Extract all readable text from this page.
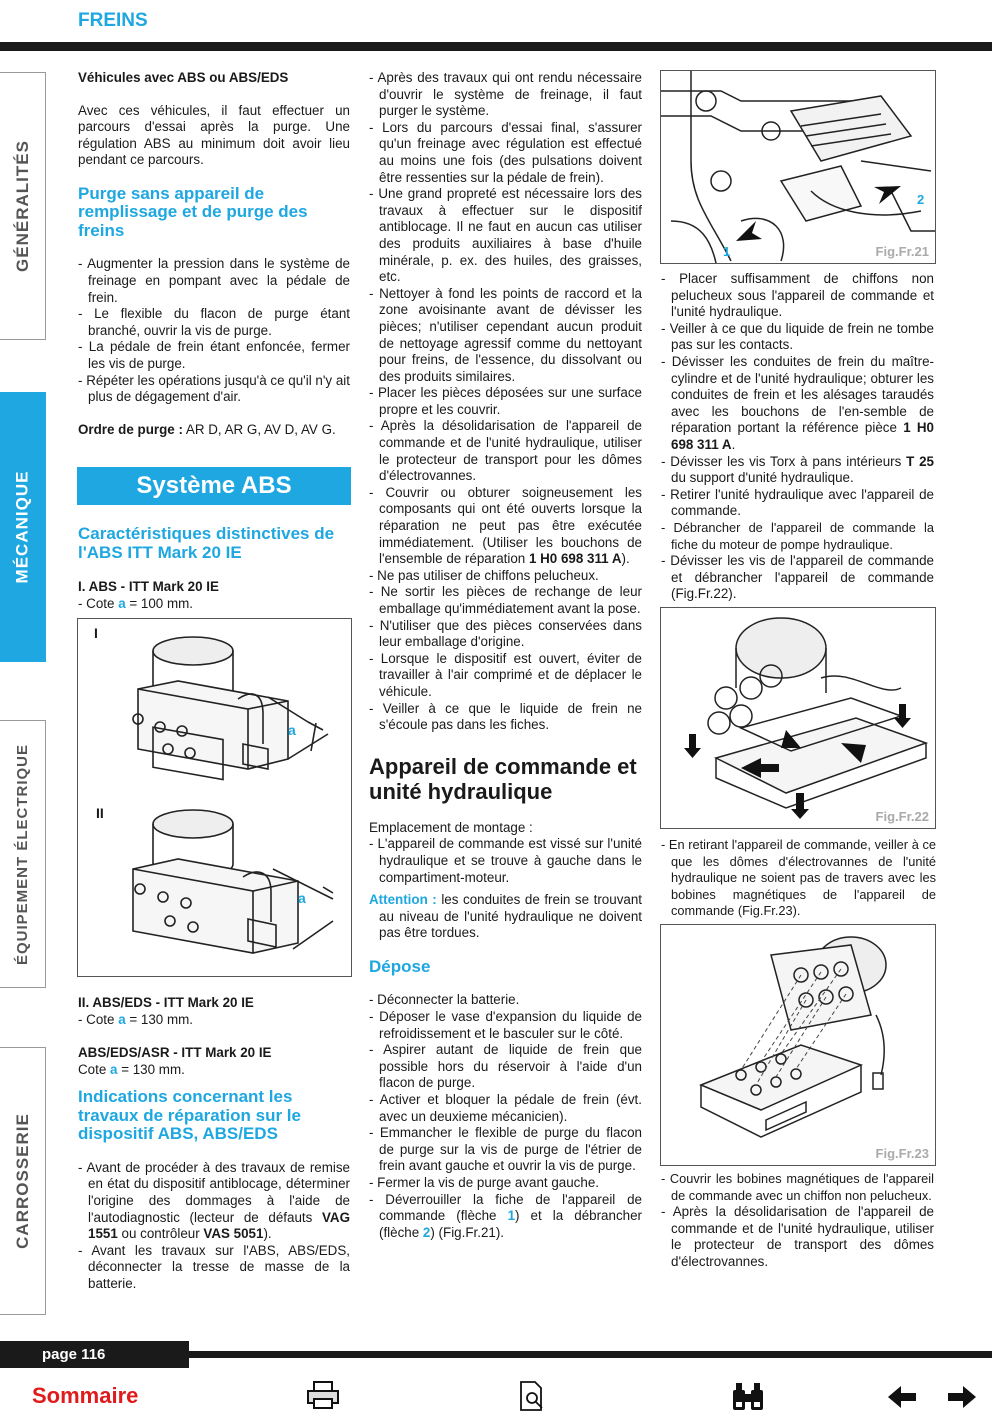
FREINS
GÉNÉRALITÉS
MÉCANIQUE
ÉQUIPEMENT ÉLECTRIQUE
CARROSSERIE

Véhicules avec ABS ou ABS/EDS

Avec ces véhicules, il faut effectuer un parcours d'essai après la purge. Une régulation ABS au minimum doit avoir lieu pendant ce parcours.

Purge sans appareil de remplissage et de purge des freins

- Augmenter la pression dans le système de freinage en pompant avec la pédale de frein.
- Le flexible du flacon de purge étant branché, ouvrir la vis de purge.
- La pédale de frein étant enfoncée, fermer les vis de purge.
- Répéter les opérations jusqu'à ce qu'il n'y ait plus de dégagement d'air.

Ordre de purge : AR D, AR G, AV D, AV G.

Système ABS

Caractéristiques distinctives de l'ABS ITT Mark 20 IE

I. ABS - ITT Mark 20 IE

- Cote a = 100 mm.

I
II
a
a

II. ABS/EDS - ITT Mark 20 IE

- Cote a = 130 mm.

ABS/EDS/ASR - ITT Mark 20 IE

Cote a = 130 mm.

Indications concernant les travaux de réparation sur le dispositif ABS, ABS/EDS

- Avant de procéder à des travaux de remise en état du dispositif antiblocage, déterminer l'origine des dommages à l'aide de l'autodiagnostic (lecteur de défauts VAG 1551 ou contrôleur VAS 5051).
- Avant les travaux sur l'ABS, ABS/EDS, déconnecter la tresse de masse de la batterie.
- Après des travaux qui ont rendu nécessaire d'ouvrir le système de freinage, il faut purger le système.
- Lors du parcours d'essai final, s'assurer qu'un freinage avec régulation est effectué au moins une fois (des pulsations doivent être ressenties sur la pédale de frein).
- Une grand propreté est nécessaire lors des travaux à effectuer sur le dispositif antiblocage. Il ne faut en aucun cas utiliser des produits auxiliaires à base d'huile minérale, p. ex. des huiles, des graisses, etc.
- Nettoyer à fond les points de raccord et la zone avoisinante avant de dévisser les pièces; n'utiliser cependant aucun produit de nettoyage agressif comme du nettoyant pour freins, de l'essence, du dissolvant ou des produits similaires.
- Placer les pièces déposées sur une surface propre et les couvrir.
- Après la désolidarisation de l'appareil de commande et de l'unité hydraulique, utiliser le protecteur de transport pour les dômes d'électrovannes.
- Couvrir ou obturer soigneusement les composants qui ont été ouverts lorsque la réparation ne peut pas être exécutée immédiatement. (Utiliser les bouchons de l'ensemble de réparation 1 H0 698 311 A).
- Ne pas utiliser de chiffons pelucheux.
- Ne sortir les pièces de rechange de leur emballage qu'immédiatement avant la pose.
- N'utiliser que des pièces conservées dans leur emballage d'origine.
- Lorsque le dispositif est ouvert, éviter de travailler à l'air comprimé et de déplacer le véhicule.
- Veiller à ce que le liquide de frein ne s'écoule pas dans les fiches.

Appareil de commande et unité hydraulique

Emplacement de montage :

- L'appareil de commande est vissé sur l'unité hydraulique et se trouve à gauche dans le compartiment-moteur.

Attention : les conduites de frein se trouvant au niveau de l'unité hydraulique ne doivent pas être tordues.

Dépose

- Déconnecter la batterie.
- Déposer le vase d'expansion du liquide de refroidissement et le basculer sur le côté.
- Aspirer autant de liquide de frein que possible hors du réservoir à l'aide d'un flacon de purge.
- Activer et bloquer la pédale de frein (évt. avec un deuxieme mécanicien).
- Emmancher le flexible de purge du flacon de purge sur la vis de purge de l'étrier de frein avant gauche et ouvrir la vis de purge.
- Fermer la vis de purge avant gauche.
- Déverrouiller la fiche de l'appareil de commande (flèche 1) et la débrancher (flèche 2) (Fig.Fr.21).
1
2
Fig.Fr.21
- Placer suffisamment de chiffons non pelucheux sous l'appareil de commande et l'unité hydraulique.
- Veiller à ce que du liquide de frein ne tombe pas sur les contacts.
- Dévisser les conduites de frein du maître-cylindre et de l'unité hydraulique; obturer les conduites de frein et les alésages taraudés avec les bouchons de l'en-semble de réparation portant la référence pièce 1 H0 698 311 A.
- Dévisser les vis Torx à pans intérieurs T 25 du support d'unité hydraulique.
- Retirer l'unité hydraulique avec l'appareil de commande.
- Débrancher de l'appareil de commande la fiche du moteur de pompe hydraulique.
- Dévisser les vis de l'appareil de commande et débrancher l'appareil de commande (Fig.Fr.22).
Fig.Fr.22
- En retirant l'appareil de commande, veiller à ce que les dômes d'électrovannes de l'unité hydraulique ne soient pas de travers avec les bobines magnétiques de l'appareil de commande (Fig.Fr.23).
Fig.Fr.23
- Couvrir les bobines magnétiques de l'appareil de commande avec un chiffon non pelucheux.
- Après la désolidarisation de l'appareil de commande et de l'unité hydraulique, utiliser le protecteur de transport des dômes d'électrovannes.
page 116
Sommaire
